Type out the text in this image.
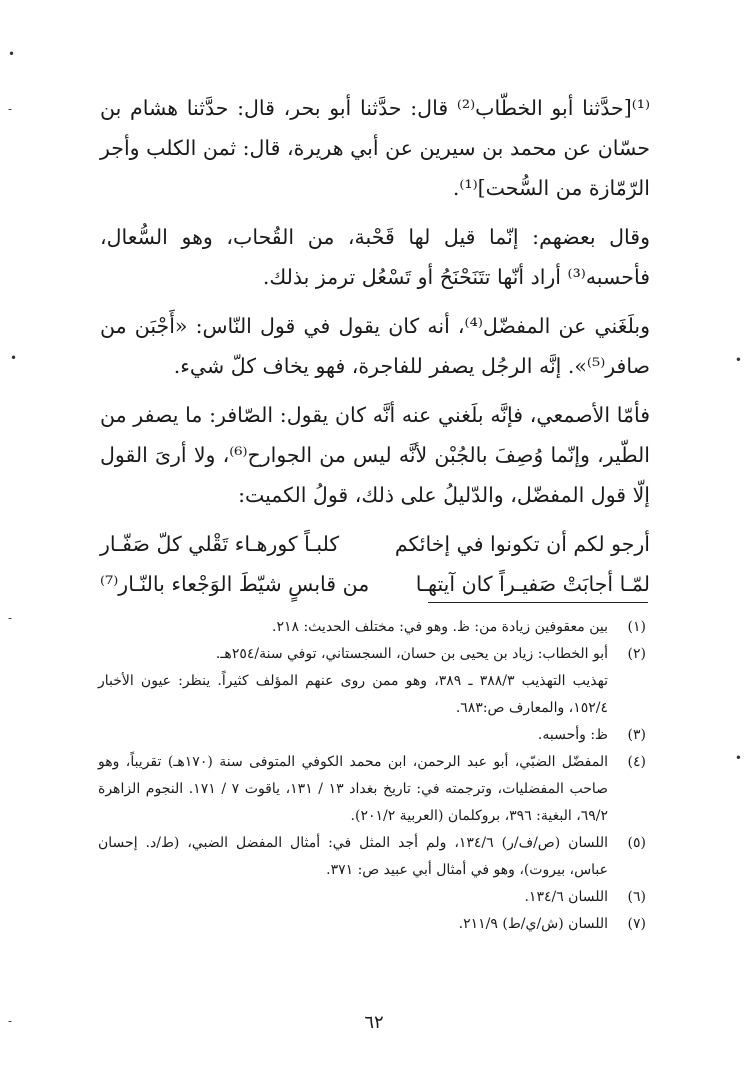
•
-
•
-
•
•
-

⁽¹⁾[حدَّثنا أبو الخطّاب⁽²⁾ قال: حدَّثنا أبو بحر، قال: حدَّثنا هشام بن حسّان عن محمد بن سيرين عن أبي هريرة، قال: ثمن الكلب وأجر الرّمّازة من السُّحت]⁽¹⁾.

وقال بعضهم: إنّما قيل لها قَحْبة، من القُحاب، وهو السُّعال، فأحسبه⁽³⁾ أراد أنّها تتَنَحْنَحُ أو تَسْعُل ترمز بذلك.

وبلَغَني عن المفضّل⁽⁴⁾، أنه كان يقول في قول النّاس: «أَجْبَن من صافر⁽⁵⁾». إنَّه الرجُل يصفر للفاجرة، فهو يخاف كلّ شيء.

فأمّا الأصمعي، فإنَّه بلَغني عنه أنَّه كان يقول: الصّافر: ما يصفر من الطّير، وإنّما وُصِفَ بالجُبْن لأنَّه ليس من الجوارح⁽⁶⁾، ولا أرىَ القول إلّا قول المفضّل، والدّليلُ على ذلك، قولُ الكميت:

أرجو لكم أن تكونوا في إخائكم
كلبـاً كورهـاء تَقْلي كلّ صَفّـار
لمّـا أجابَتْ صَفيـراً كان آيتهـا
من قابسٍ شيّطَ الوَجْعاء بالنّـار⁽⁷⁾
(١)
بين معقوفين زيادة من: ظ. وهو في: مختلف الحديث: ٢١٨.
(٢)
أبو الخطاب: زياد بن يحيى بن حسان، السجستاني، توفي سنة/٢٥٤هـ.
تهذيب التهذيب ٣٨٨/٣ ـ ٣٨٩، وهو ممن روى عنهم المؤلف كثيراً. ينظر: عيون الأخبار ١٥٢/٤، والمعارف ص:٦٨٣.
(٣)
ظ: وأحسبه.
(٤)
المفضّل الضبّي، أبو عبد الرحمن، ابن محمد الكوفي المتوفى سنة (١٧٠هـ) تقريباً، وهو صاحب المفضليات، وترجمته في: تاريخ بغداد ١٣ / ١٣١، ياقوت ٧ / ١٧١. النجوم الزاهرة ٦٩/٢، البغية: ٣٩٦، بروكلمان (العربية ٢٠١/٢).
(٥)
اللسان (ص/ف/ر) ١٣٤/٦، ولم أجد المثل في: أمثال المفضل الضبي، (ط/د. إحسان عباس، بيروت)، وهو في أمثال أبي عبيد ص: ٣٧١.
(٦)
اللسان ١٣٤/٦.
(٧)
اللسان (ش/ي/ط) ٢١١/٩.
٦٢
